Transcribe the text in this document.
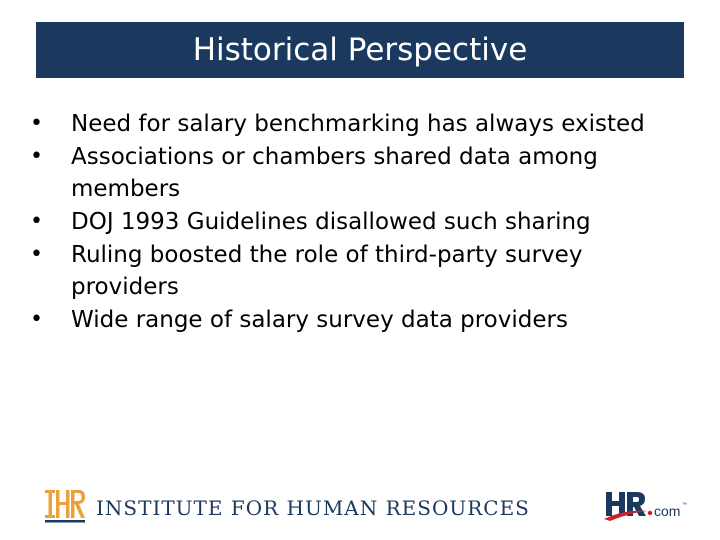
Historical Perspective
• Need for salary benchmarking has always existed
• Associations or chambers shared data among members
• DOJ 1993 Guidelines disallowed such sharing
• Ruling boosted the role of third-party survey providers
• Wide range of salary survey data providers
INSTITUTE FOR HUMAN RESOURCES	com ™
